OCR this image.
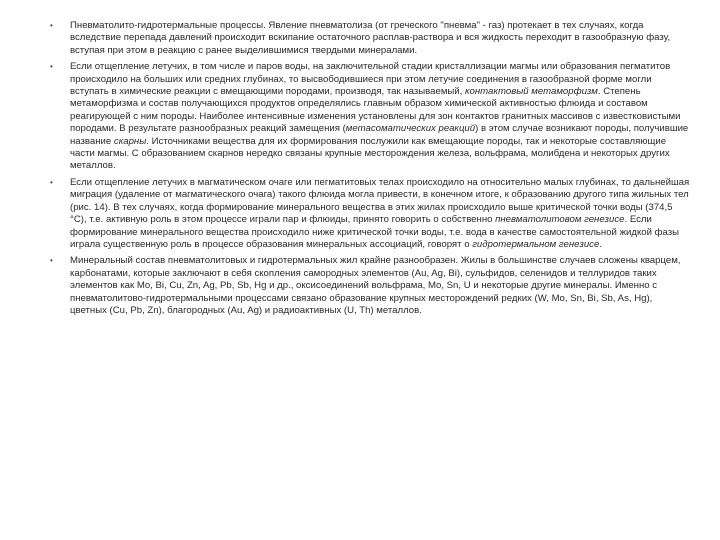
• Пневматолито-гидротермальные процессы. Явление пневматолиза (от греческого "пневма" - газ) протекает в тех случаях, когда вследствие перепада давлений происходит вскипание остаточного расплав-раствора и вся жидкость переходит в газообразную фазу, вступая при этом в реакцию с ранее выделившимися твердыми минералами.
• Если отщепление летучих, в том числе и паров воды, на заключительной стадии кристаллизации магмы или образования пегматитов происходило на больших или средних глубинах, то высвободившиеся при этом летучие соединения в газообразной форме могли вступать в химические реакции с вмещающими породами, производя, так называемый, контактовый метаморфизм. Степень метаморфизма и состав получающихся продуктов определялись главным образом химической активностью флюида и составом реагирующей с ним породы. Наиболее интенсивные изменения установлены для зон контактов гранитных массивов с известковистыми породами. В результате разнообразных реакций замещения (метасоматических реакций) в этом случае возникают породы, получившие название скарны. Источниками вещества для их формирования послужили как вмещающие породы, так и некоторые составляющие части магмы. С образованием скарнов нередко связаны крупные месторождения железа, вольфрама, молибдена и некоторых других металлов.
• Если отщепление летучих в магматическом очаге или пегматитовых телах происходило на относительно малых глубинах, то дальнейшая миграция (удаление от магматического очага) такого флюида могла привести, в конечном итоге, к образованию другого типа жильных тел (рис. 14). В тех случаях, когда формирование минерального вещества в этих жилах происходило выше критической точки воды (374,5 °С), т.е. активную роль в этом процессе играли пар и флюиды, принято говорить о собственно пневматолитовом генезисе. Если формирование минерального вещества происходило ниже критической точки воды, т.е. вода в качестве самостоятельной жидкой фазы играла существенную роль в процессе образования минеральных ассоциаций, говорят о гидротермальном генезисе.
• Минеральный состав пневматолитовых и гидротермальных жил крайне разнообразен. Жилы в большинстве случаев сложены кварцем, карбонатами, которые заключают в себя скопления самородных элементов (Au, Ag, Bi), сульфидов, селенидов и теллуридов таких элементов как Mo, Bi, Cu, Zn, Ag, Pb, Sb, Hg и др., оксисоединений вольфрама, Mo, Sn, U и некоторые другие минералы. Именно с пневматолитово-гидротермальными процессами связано образование крупных месторождений редких (W, Mo, Sn, Bi, Sb, As, Hg), цветных (Cu, Pb, Zn), благородных (Au, Ag) и радиоактивных (U, Th) металлов.
